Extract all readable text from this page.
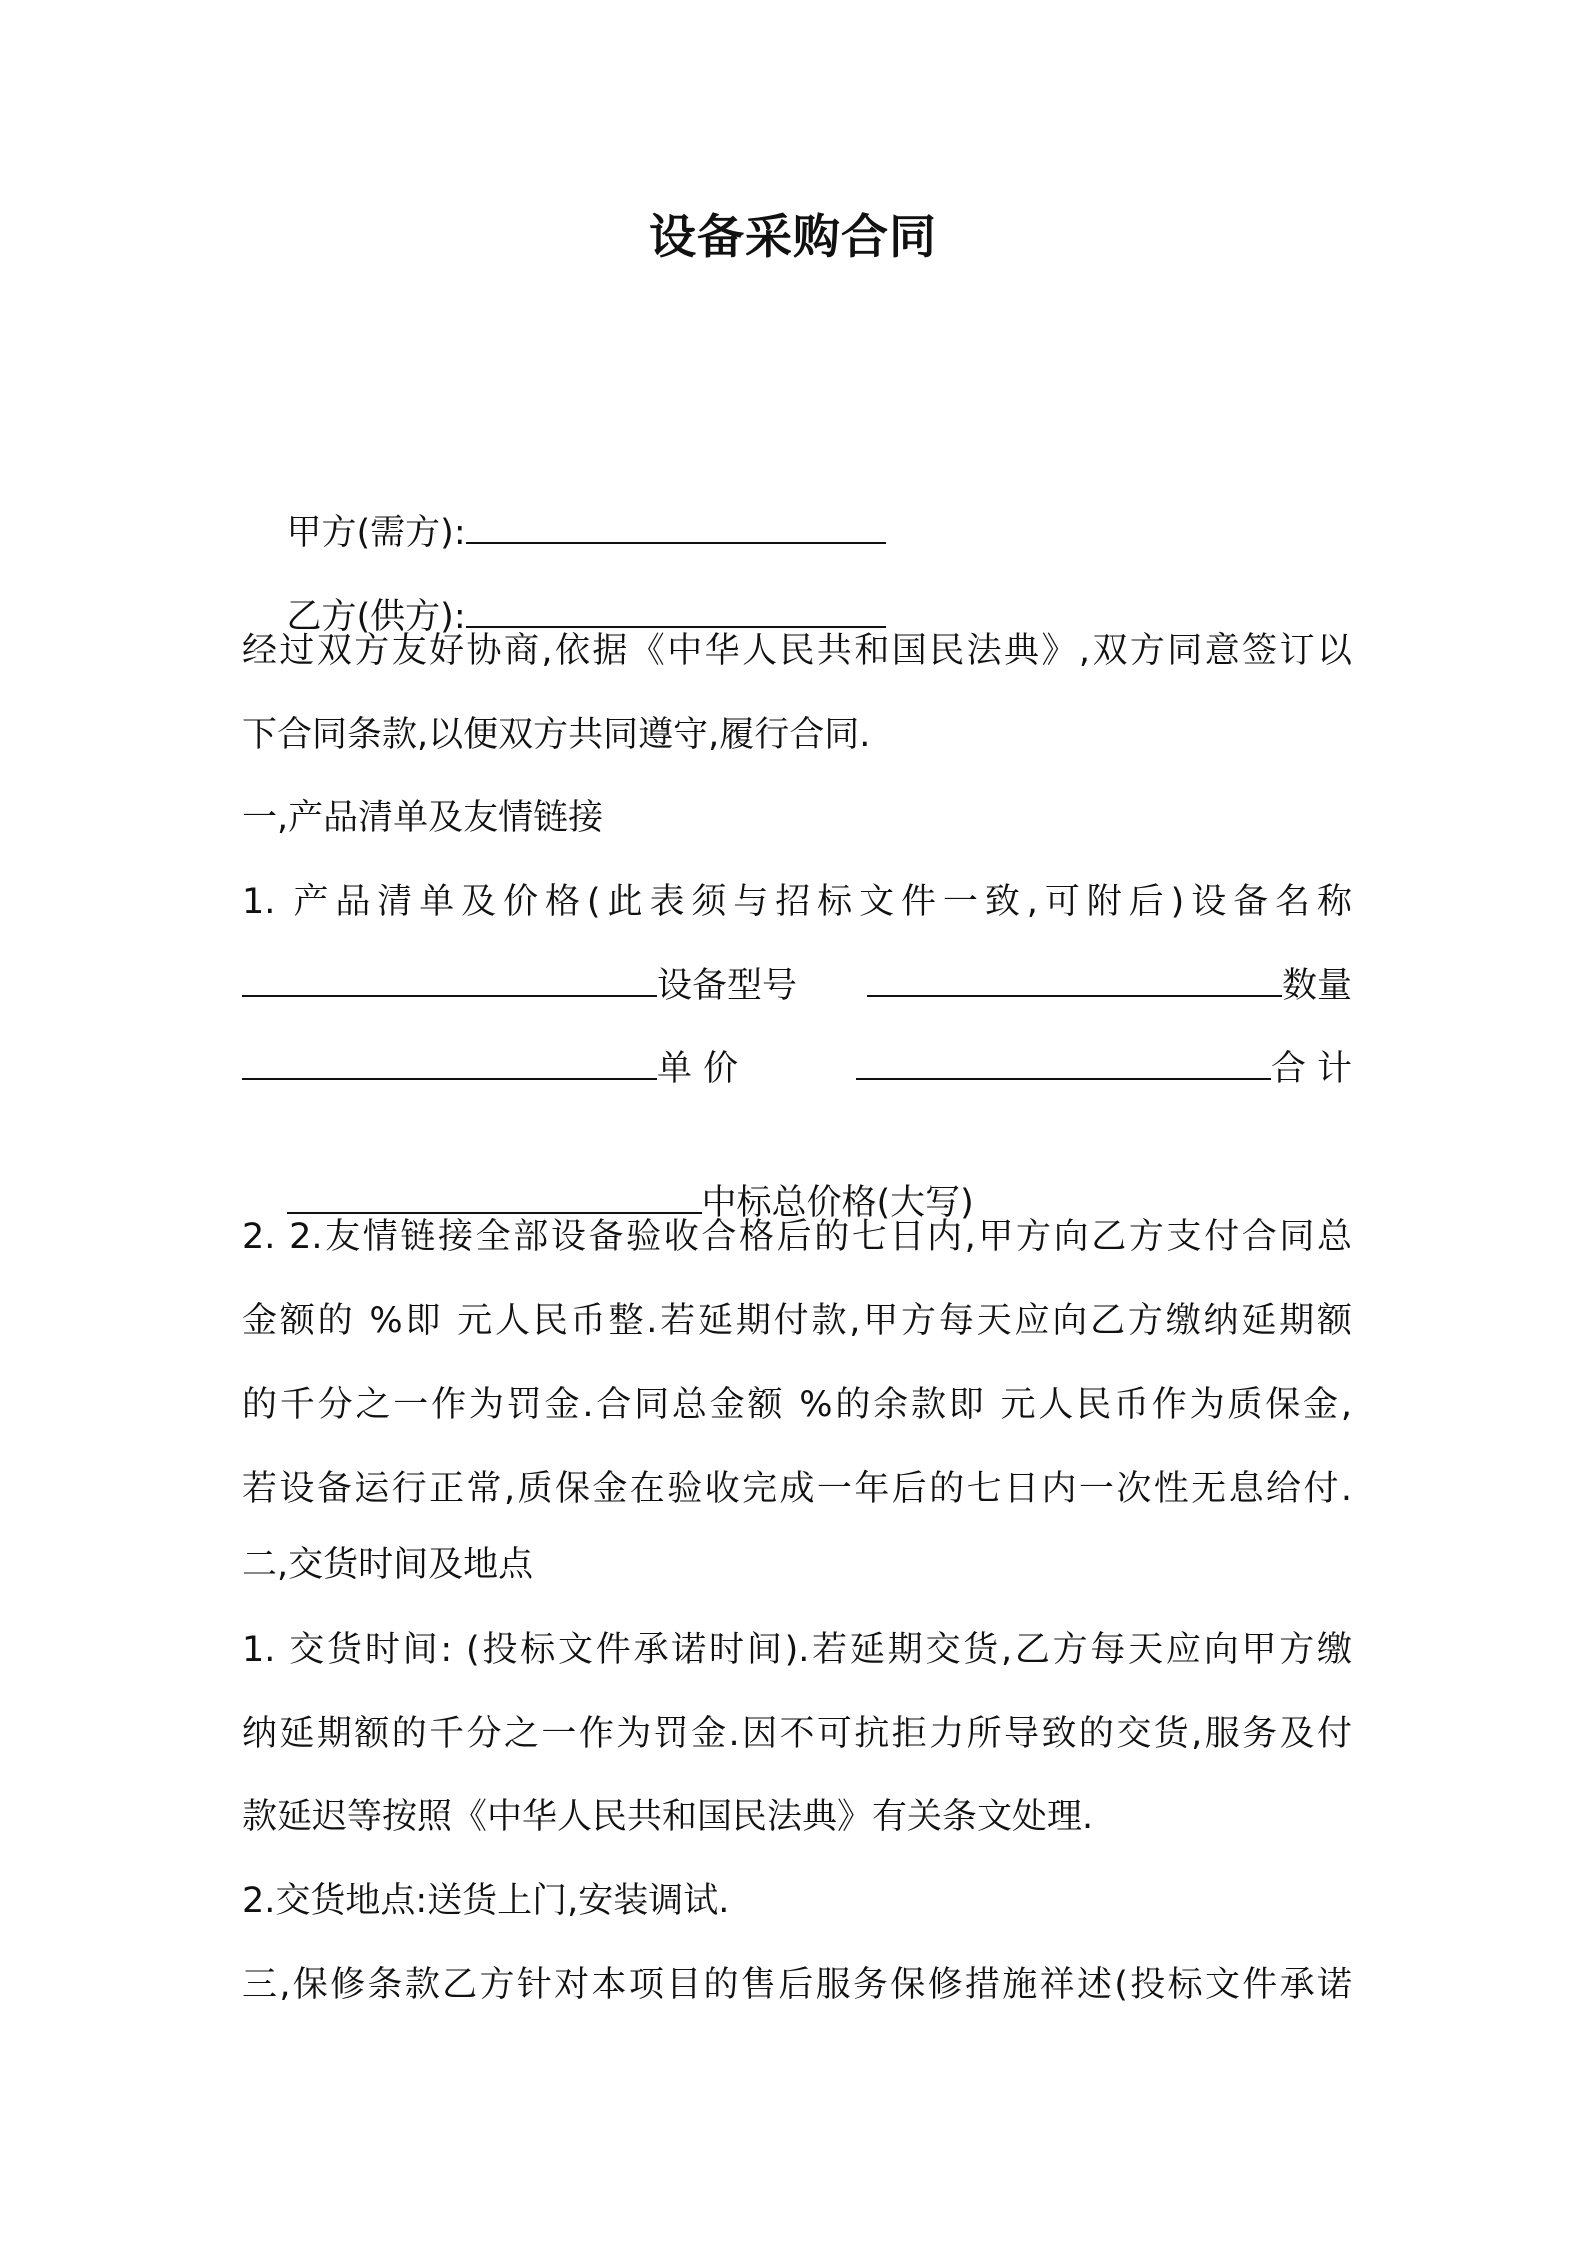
设备采购合同

甲方(需方):

乙方(供方):

经过双方友好协商,依据《中华人民共和国民法典》,双方同意签订以
下合同条款,以便双方共同遵守,履行合同.
一,产品清单及友情链接
1. 产品清单及价格(此表须与招标文件一致,可附后)设备名称
设备型号	数量
单 价	合 计

中标总价格(大写)

2. 2.友情链接全部设备验收合格后的七日内,甲方向乙方支付合同总
金额的 %即 元人民币整.若延期付款,甲方每天应向乙方缴纳延期额
的千分之一作为罚金.合同总金额 %的余款即 元人民币作为质保金,
若设备运行正常,质保金在验收完成一年后的七日内一次性无息给付.
二,交货时间及地点
1. 交货时间: (投标文件承诺时间).若延期交货,乙方每天应向甲方缴
纳延期额的千分之一作为罚金.因不可抗拒力所导致的交货,服务及付
款延迟等按照《中华人民共和国民法典》有关条文处理.
2.交货地点:送货上门,安装调试.
三,保修条款乙方针对本项目的售后服务保修措施祥述(投标文件承诺
